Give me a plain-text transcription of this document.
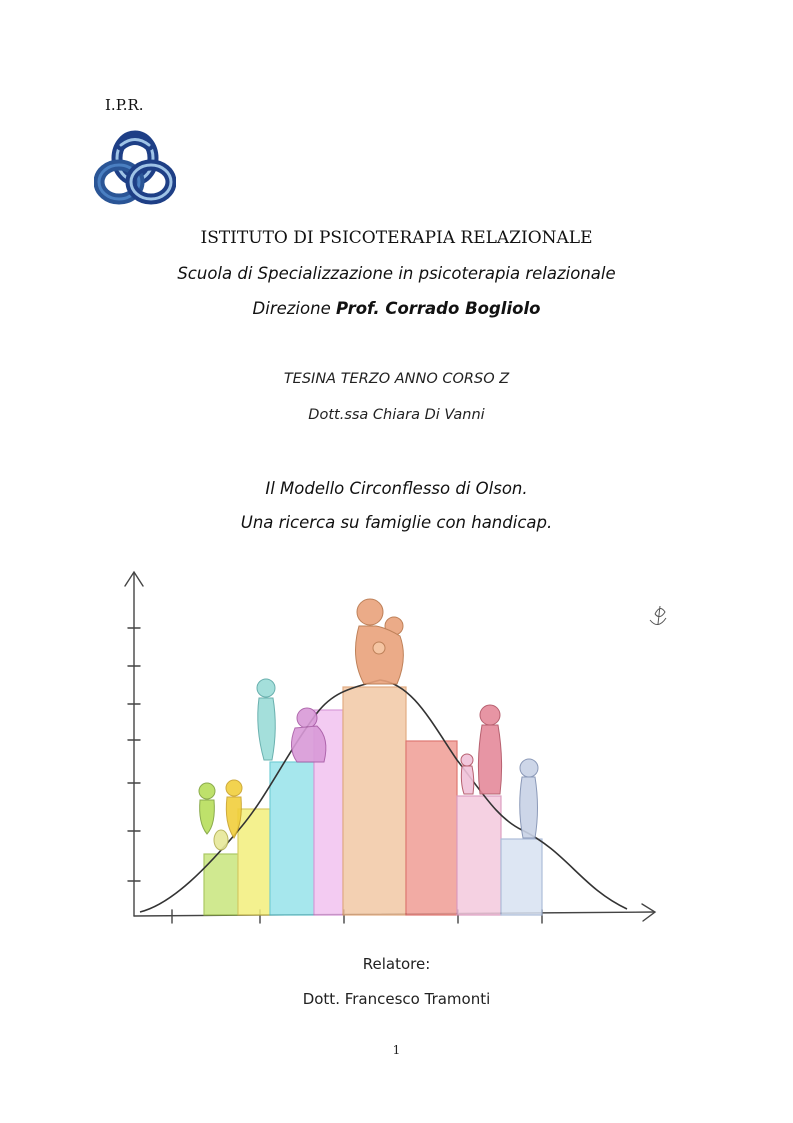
I.P.R.
ISTITUTO DI PSICOTERAPIA RELAZIONALE
Scuola di Specializzazione in psicoterapia relazionale
Direzione Prof. Corrado Bogliolo
TESINA TERZO ANNO CORSO Z
Dott.ssa Chiara Di Vanni
Il Modello Circonflesso di Olson.
Una ricerca su famiglie con handicap.
Relatore:
Dott. Francesco Tramonti
1
